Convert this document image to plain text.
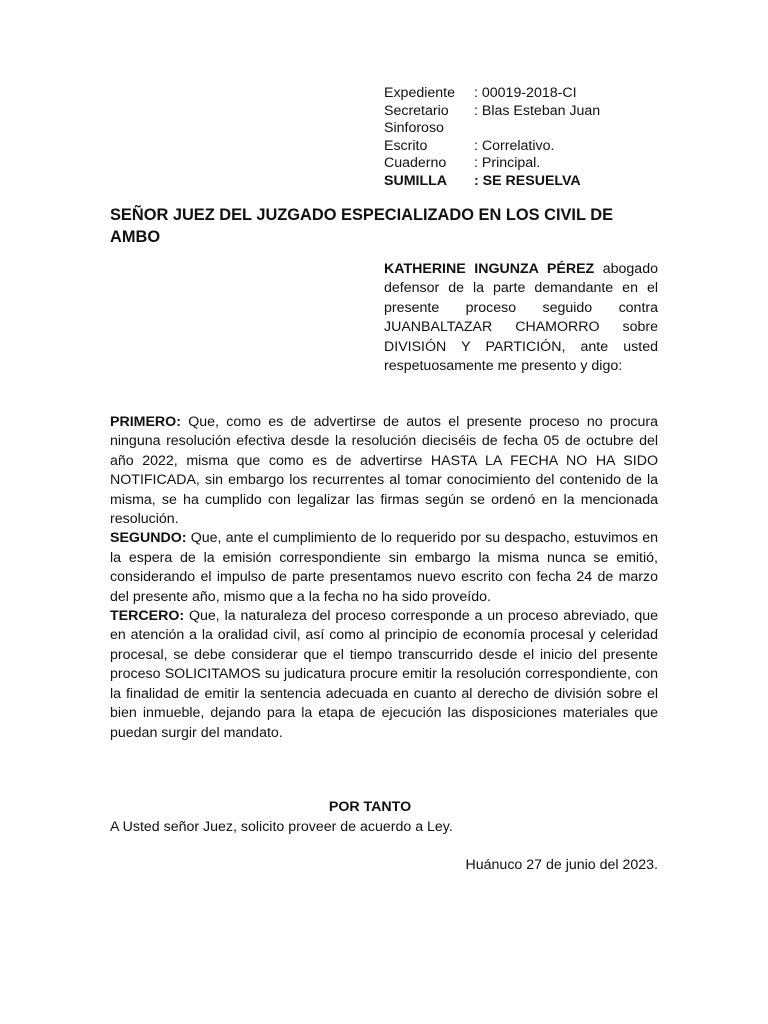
Expediente	: 00019-2018-CI
Secretario	: Blas Esteban Juan
Sinforoso
Escrito	: Correlativo.
Cuaderno	: Principal.
SUMILLA	: SE RESUELVA
SEÑOR JUEZ DEL JUZGADO ESPECIALIZADO EN LOS CIVIL DE AMBO
KATHERINE INGUNZA PÉREZ abogado defensor de la parte demandante en el presente proceso seguido contra JUANBALTAZAR CHAMORRO sobre DIVISIÓN Y PARTICIÓN, ante usted respetuosamente me presento y digo:

PRIMERO: Que, como es de advertirse de autos el presente proceso no procura ninguna resolución efectiva desde la resolución dieciséis de fecha 05 de octubre del año 2022, misma que como es de advertirse HASTA LA FECHA NO HA SIDO NOTIFICADA, sin embargo los recurrentes al tomar conocimiento del contenido de la misma, se ha cumplido con legalizar las firmas según se ordenó en la mencionada resolución.

SEGUNDO: Que, ante el cumplimiento de lo requerido por su despacho, estuvimos en la espera de la emisión correspondiente sin embargo la misma nunca se emitió, considerando el impulso de parte presentamos nuevo escrito con fecha 24 de marzo del presente año, mismo que a la fecha no ha sido proveído.

TERCERO: Que, la naturaleza del proceso corresponde a un proceso abreviado, que en atención a la oralidad civil, así como al principio de economía procesal y celeridad procesal, se debe considerar que el tiempo transcurrido desde el inicio del presente proceso SOLICITAMOS su judicatura procure emitir la resolución correspondiente, con la finalidad de emitir la sentencia adecuada en cuanto al derecho de división sobre el bien inmueble, dejando para la etapa de ejecución las disposiciones materiales que puedan surgir del mandato.

POR TANTO
A Usted señor Juez, solicito proveer de acuerdo a Ley.
Huánuco 27 de junio del 2023.
